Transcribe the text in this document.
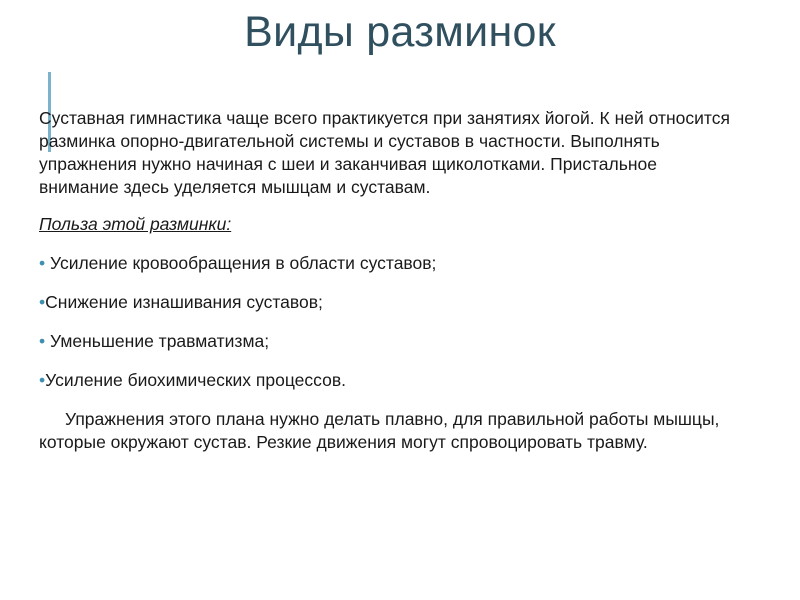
Виды разминок

Суставная гимнастика чаще всего практикуется при занятиях йогой. К ней относится разминка опорно-двигательной системы и суставов в частности. Выполнять упражнения нужно начиная с шеи и заканчивая щиколотками. Пристальное внимание здесь уделяется мышцам и суставам.

Польза этой разминки:

• Усиление кровообращения в области суставов;

•Снижение изнашивания суставов;

• Уменьшение травматизма;

•Усиление биохимических процессов.

Упражнения этого плана нужно делать плавно, для правильной работы мышцы, которые окружают сустав. Резкие движения могут спровоцировать травму.
